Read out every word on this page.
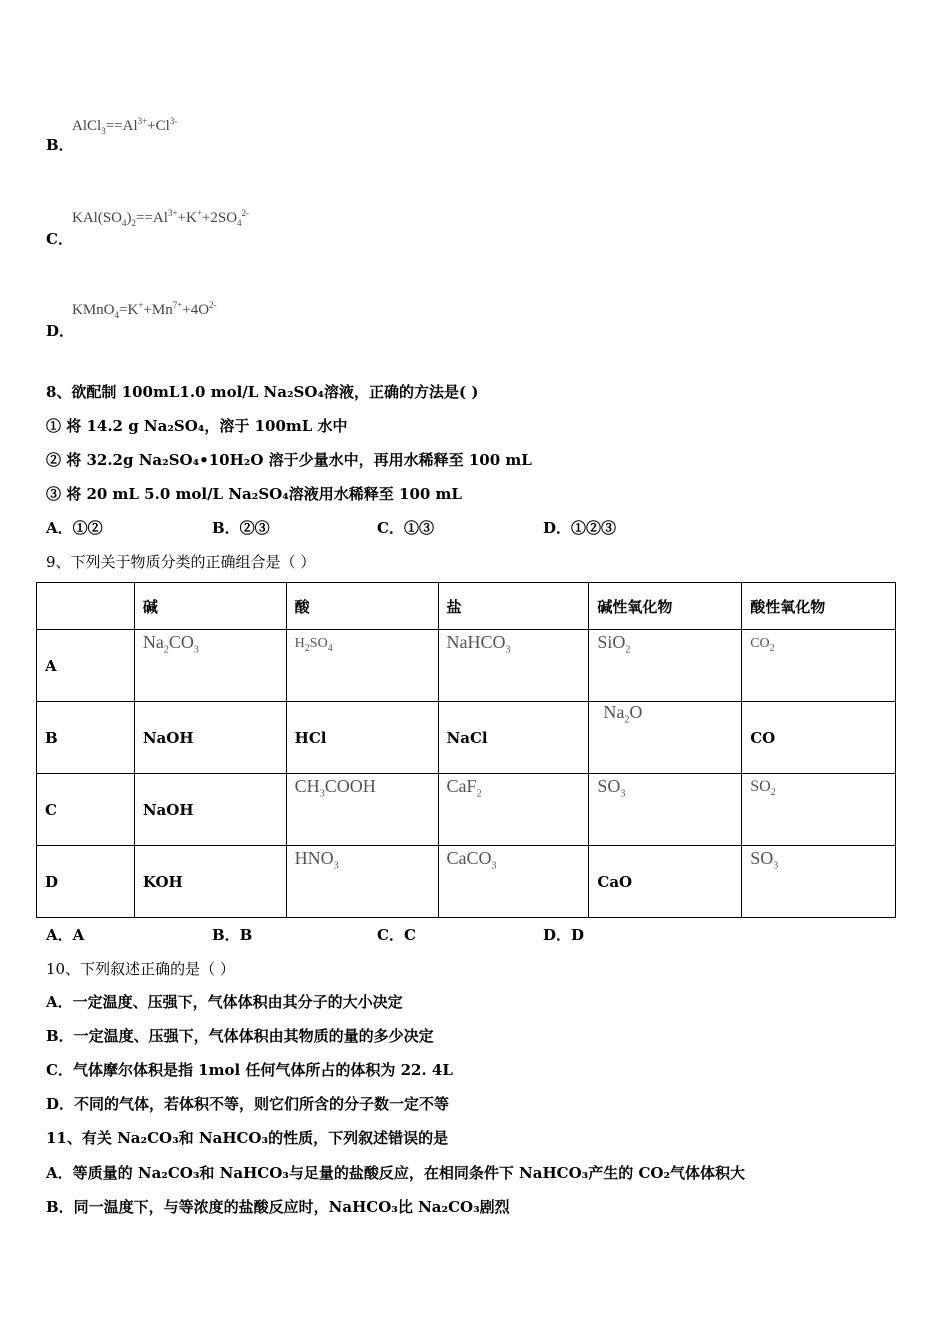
$AlCl_3==Al^{3+}+Cl^{3-}$
B．
$KAl(SO_4)_2==Al^{3+}+K^++2SO_4^{2-}$
C．
$KMnO_4=K^++Mn^{7+}+4O^{2-}$
D．
8、欲配制 100mL1.0 mol/L Na₂SO₄溶液，正确的方法是( )
① 将 14.2 g Na₂SO₄，溶于 100mL 水中
② 将 32.2g Na₂SO₄•10H₂O 溶于少量水中，再用水稀释至 100 mL
③ 将 20 mL 5.0 mol/L Na₂SO₄溶液用水稀释至 100 mL
A．①②	B．②③	C．①③	D．①②③
9、下列关于物质分类的正确组合是（ ）
	碱	酸	盐	碱性氧化物	酸性氧化物
A	$Na_2CO_3$	$H_2SO_4$	NaHCO$_3$	SiO$_2$	$CO_2$
B	NaOH	HCl	NaCl	$Na_2O$	CO
C	NaOH	$CH_3COOH$	CaF$_2$	$SO_3$	$SO_2$
D	KOH	$HNO_3$	CaCO$_3$	CaO	$SO_3$
A．A	B．B	C．C	D．D
10、下列叙述正确的是（ ）
A．一定温度、压强下，气体体积由其分子的大小决定
B．一定温度、压强下，气体体积由其物质的量的多少决定
C．气体摩尔体积是指 1mol 任何气体所占的体积为 22. 4L
D．不同的气体，若体积不等，则它们所含的分子数一定不等
11、有关 Na₂CO₃和 NaHCO₃的性质，下列叙述错误的是
A．等质量的 Na₂CO₃和 NaHCO₃与足量的盐酸反应，在相同条件下 NaHCO₃产生的 CO₂气体体积大
B．同一温度下，与等浓度的盐酸反应时，NaHCO₃比 Na₂CO₃剧烈
